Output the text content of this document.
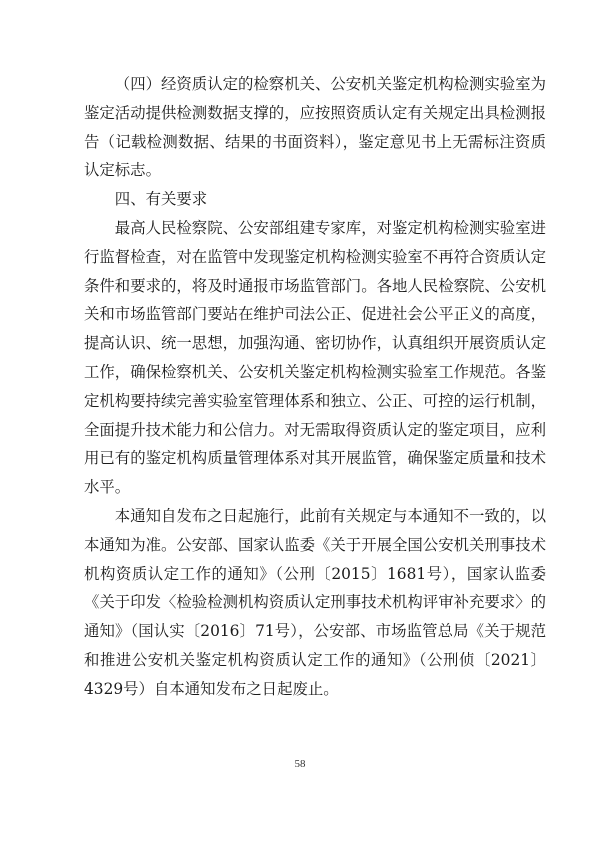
（四）经资质认定的检察机关、公安机关鉴定机构检测实验室为鉴定活动提供检测数据支撑的，应按照资质认定有关规定出具检测报告（记载检测数据、结果的书面资料），鉴定意见书上无需标注资质认定标志。

四、有关要求

最高人民检察院、公安部组建专家库，对鉴定机构检测实验室进行监督检查，对在监管中发现鉴定机构检测实验室不再符合资质认定条件和要求的，将及时通报市场监管部门。各地人民检察院、公安机关和市场监管部门要站在维护司法公正、促进社会公平正义的高度，提高认识、统一思想，加强沟通、密切协作，认真组织开展资质认定工作，确保检察机关、公安机关鉴定机构检测实验室工作规范。各鉴定机构要持续完善实验室管理体系和独立、公正、可控的运行机制，全面提升技术能力和公信力。对无需取得资质认定的鉴定项目，应利用已有的鉴定机构质量管理体系对其开展监管，确保鉴定质量和技术水平。

本通知自发布之日起施行，此前有关规定与本通知不一致的，以本通知为准。公安部、国家认监委《关于开展全国公安机关刑事技术机构资质认定工作的通知》（公刑〔2015〕1681号），国家认监委《关于印发〈检验检测机构资质认定刑事技术机构评审补充要求〉的通知》（国认实〔2016〕71号），公安部、市场监管总局《关于规范和推进公安机关鉴定机构资质认定工作的通知》（公刑侦〔2021〕4329号）自本通知发布之日起废止。

58
